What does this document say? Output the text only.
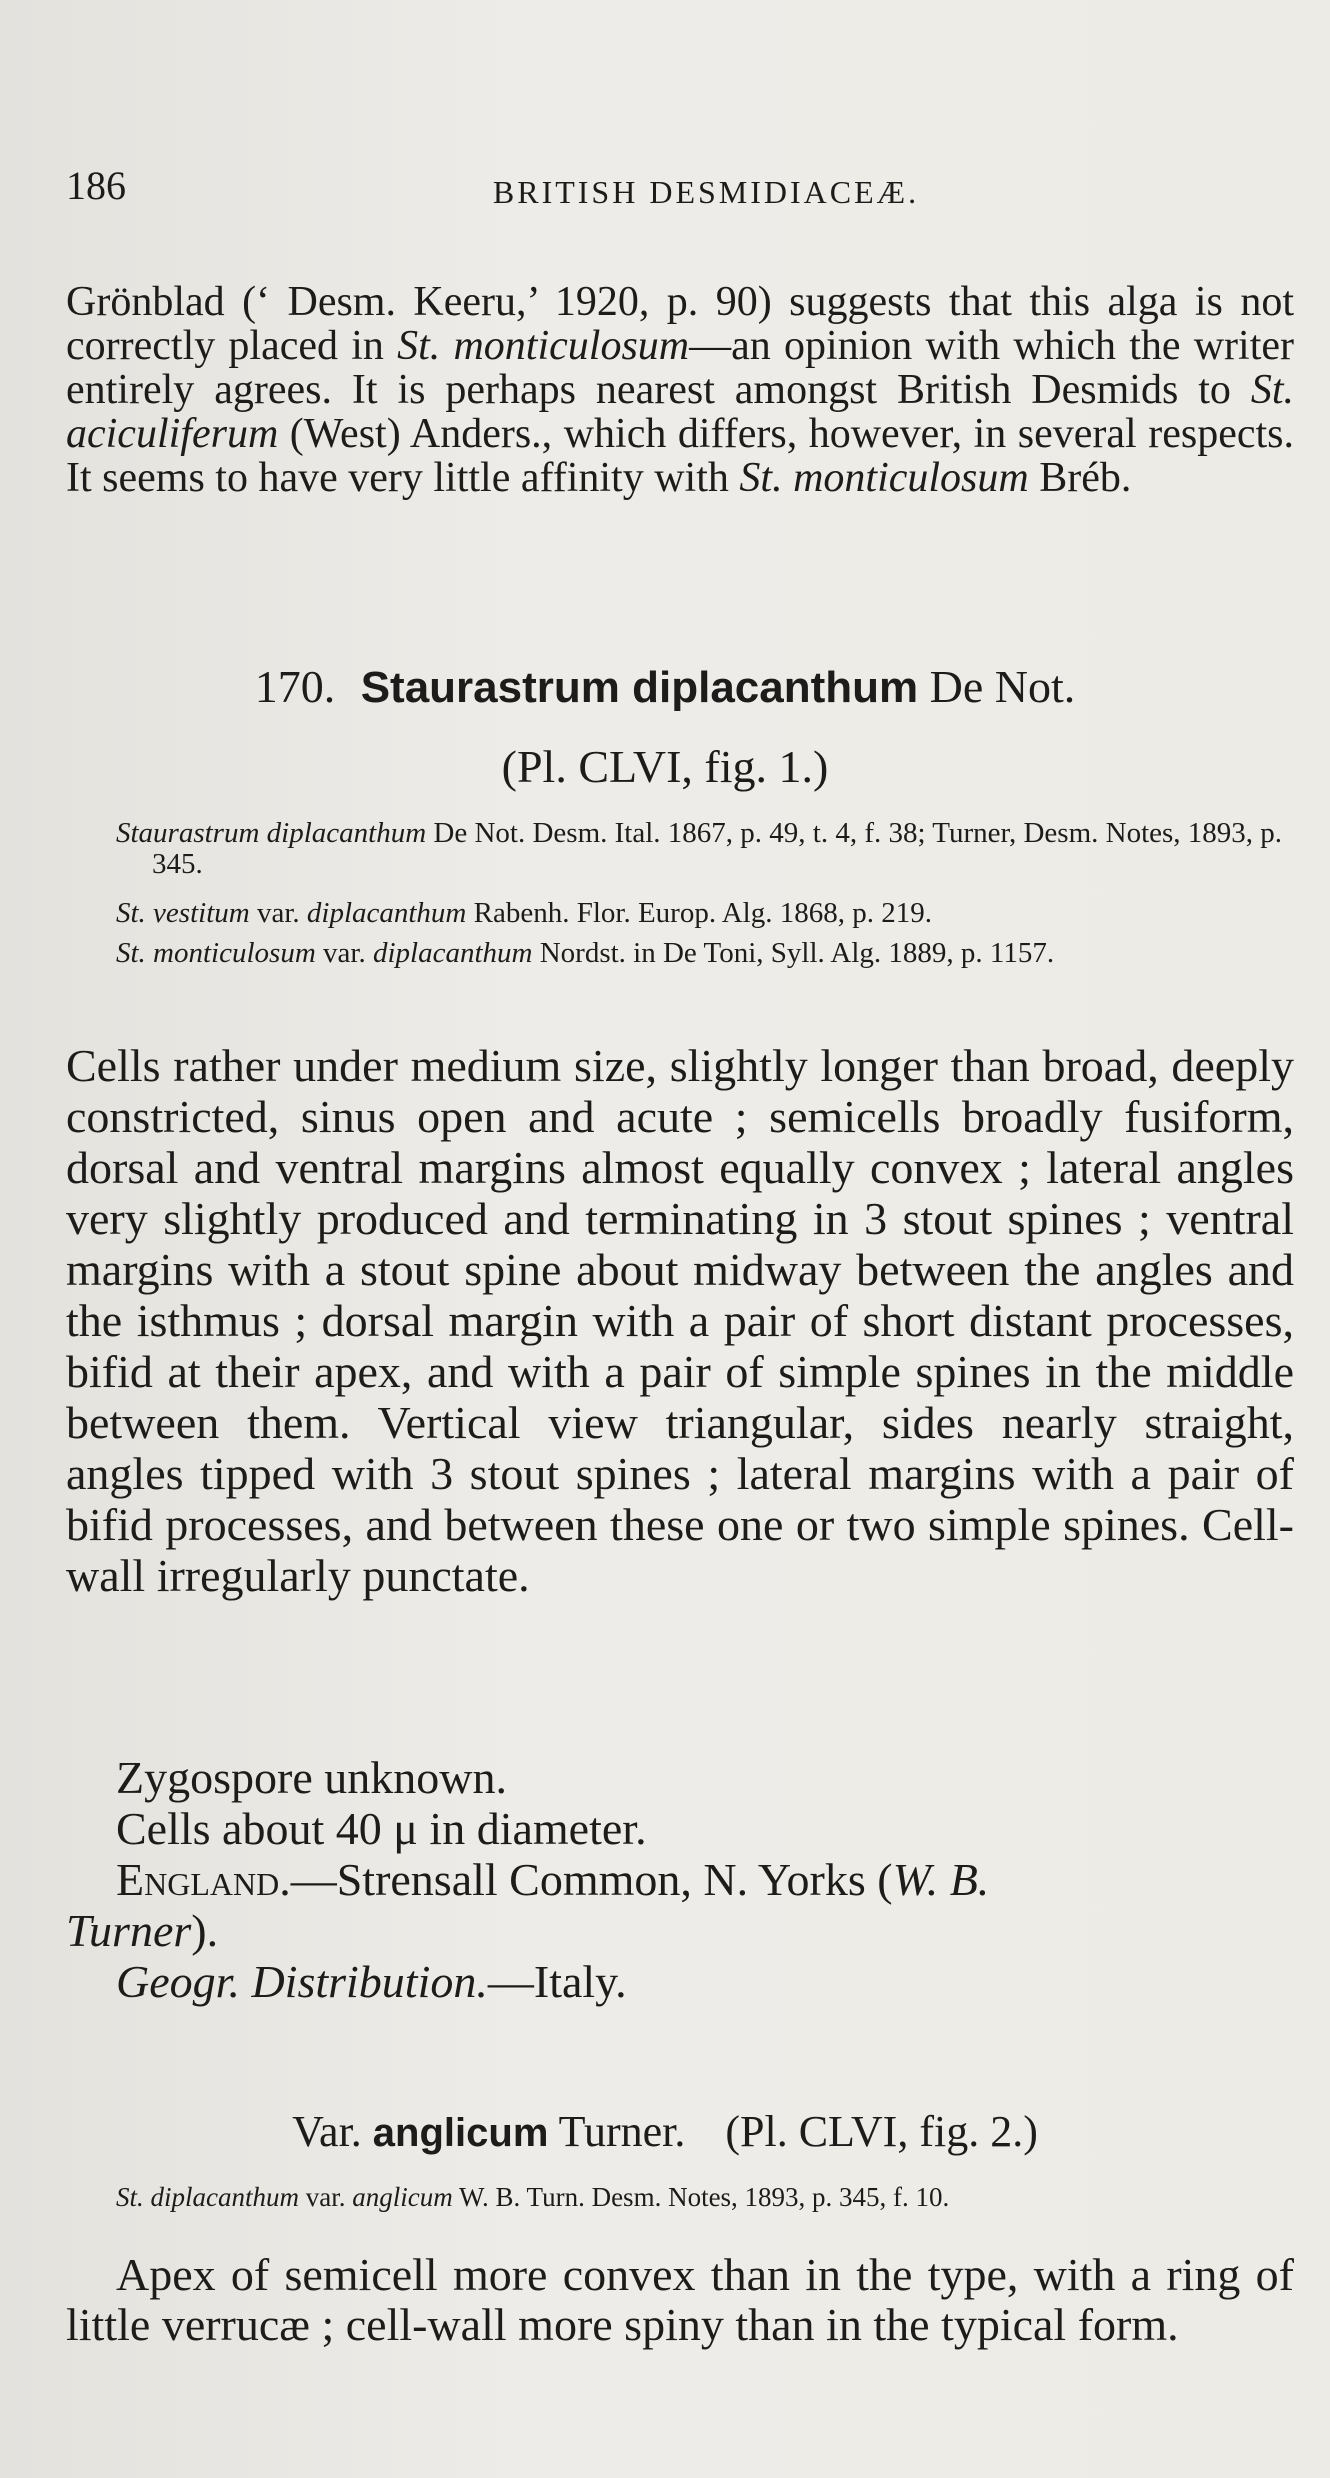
186	BRITISH DESMIDIACEÆ.
Grönblad (‘ Desm. Keeru,’ 1920, p. 90) suggests that this alga is not correctly placed in St. monticulosum—an opinion with which the writer entirely agrees. It is perhaps nearest amongst British Desmids to St. aciculiferum (West) Anders., which differs, however, in several respects. It seems to have very little affinity with St. monticulosum Bréb.
170. Staurastrum diplacanthum De Not.
(Pl. CLVI, fig. 1.)
Staurastrum diplacanthum De Not. Desm. Ital. 1867, p. 49, t. 4, f. 38; Turner, Desm. Notes, 1893, p. 345.
St. vestitum var. diplacanthum Rabenh. Flor. Europ. Alg. 1868, p. 219.
St. monticulosum var. diplacanthum Nordst. in De Toni, Syll. Alg. 1889, p. 1157.
Cells rather under medium size, slightly longer than broad, deeply constricted, sinus open and acute ; semicells broadly fusiform, dorsal and ventral margins almost equally convex ; lateral angles very slightly produced and terminating in 3 stout spines ; ventral margins with a stout spine about midway between the angles and the isthmus ; dorsal margin with a pair of short distant processes, bifid at their apex, and with a pair of simple spines in the middle between them. Vertical view triangular, sides nearly straight, angles tipped with 3 stout spines ; lateral margins with a pair of bifid processes, and between these one or two simple spines. Cell-wall irregularly punctate.
Zygospore unknown.
Cells about 40 μ in diameter.
England.—Strensall Common, N. Yorks (W. B.
Turner).
Geogr. Distribution.—Italy.
Var. anglicum Turner. (Pl. CLVI, fig. 2.)
St. diplacanthum var. anglicum W. B. Turn. Desm. Notes, 1893, p. 345, f. 10.
Apex of semicell more convex than in the type, with a ring of little verrucæ ; cell-wall more spiny than in the typical form.
